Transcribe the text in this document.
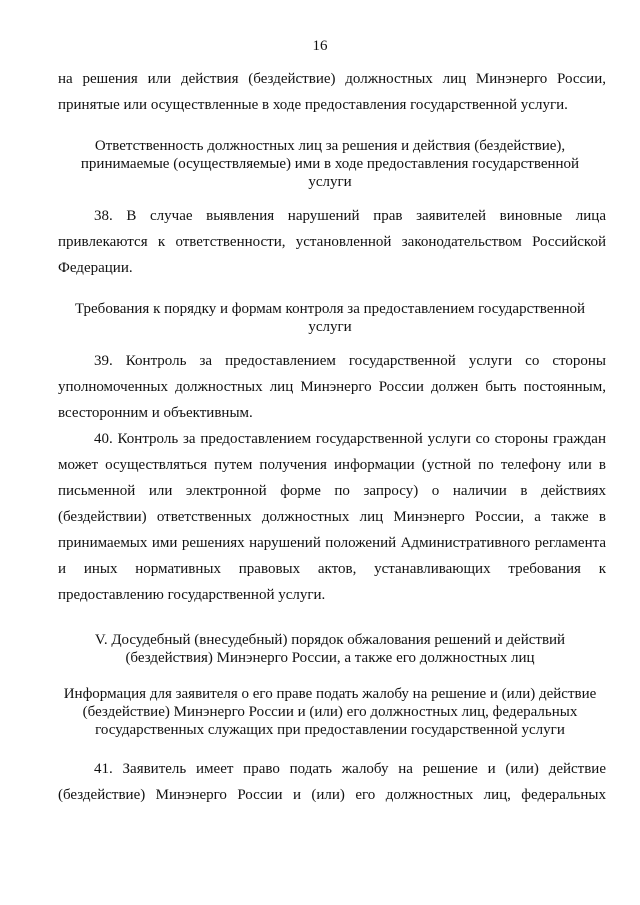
16
на решения или действия (бездействие) должностных лиц Минэнерго России,
принятые или осуществленные в ходе предоставления государственной услуги.
Ответственность должностных лиц за решения и действия (бездействие),
принимаемые (осуществляемые) ими в ходе предоставления государственной
услуги
38. В случае выявления нарушений прав заявителей виновные лица
привлекаются к ответственности, установленной законодательством Российской
Федерации.
Требования к порядку и формам контроля за предоставлением государственной
услуги
39. Контроль за предоставлением государственной услуги со стороны
уполномоченных должностных лиц Минэнерго России должен быть постоянным,
всесторонним и объективным.
40. Контроль за предоставлением государственной услуги со стороны граждан
может осуществляться путем получения информации (устной по телефону или в
письменной или электронной форме по запросу) о наличии в действиях
(бездействии) ответственных должностных лиц Минэнерго России, а также в
принимаемых ими решениях нарушений положений Административного регламента
и иных нормативных правовых актов, устанавливающих требования к
предоставлению государственной услуги.
V. Досудебный (внесудебный) порядок обжалования решений и действий
(бездействия) Минэнерго России, а также его должностных лиц
Информация для заявителя о его праве подать жалобу на решение и (или) действие
(бездействие) Минэнерго России и (или) его должностных лиц, федеральных
государственных служащих при предоставлении государственной услуги
41. Заявитель имеет право подать жалобу на решение и (или) действие
(бездействие) Минэнерго России и (или) его должностных лиц, федеральных
